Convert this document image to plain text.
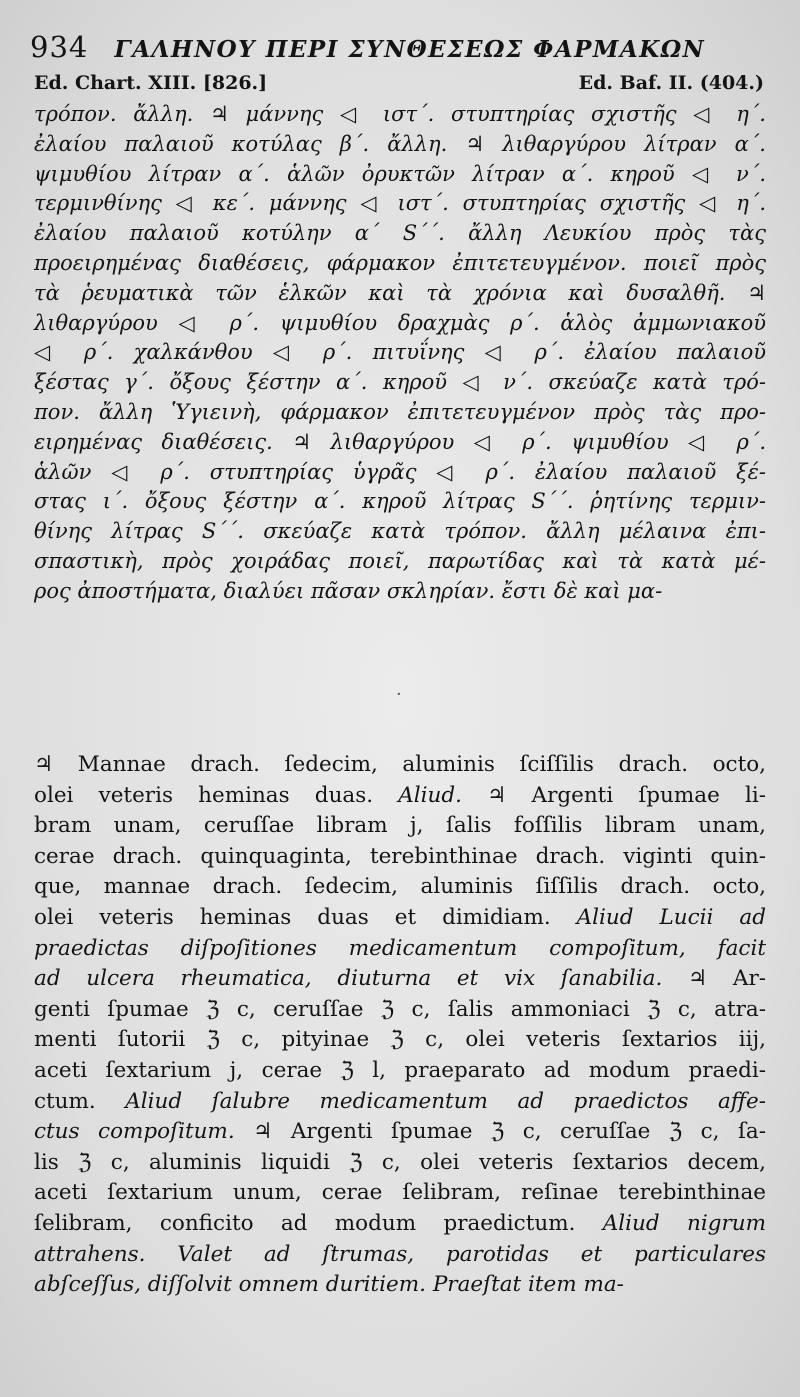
934 ΓΑΛΗΝΟΥ ΠΕΡΙ ΣΥΝΘΕΣΕΩΣ ΦΑΡΜΑΚΩΝ
Ed. Chart. XIII. [826.]	Ed. Baf. II. (404.)
τρόπον. ἄλλη. ♃ μάννης ◁ ιστ΄. στυπτηρίας σχιστῆς ◁ η΄.
ἐλαίου παλαιοῦ κοτύλας β΄. ἄλλη. ♃ λιθαργύρου λίτραν α΄.
ψιμυθίου λίτραν α΄. ἁλῶν ὀρυκτῶν λίτραν α΄. κηροῦ ◁ ν΄.
τερμινθίνης ◁ κε΄. μάννης ◁ ιστ΄. στυπτηρίας σχιστῆς ◁ η΄.
ἐλαίου παλαιοῦ κοτύλην α΄ S΄΄. ἄλλη Λευκίου πρὸς τὰς
προειρημένας διαθέσεις, φάρμακον ἐπιτετευγμένον. ποιεῖ πρὸς
τὰ ῥευματικὰ τῶν ἑλκῶν καὶ τὰ χρόνια καὶ δυσαλθῆ. ♃
λιθαργύρου ◁ ρ΄. ψιμυθίου δραχμὰς ρ΄. ἁλὸς ἀμμωνιακοῦ
◁ ρ΄. χαλκάνθου ◁ ρ΄. πιτυΐνης ◁ ρ΄. ἐλαίου παλαιοῦ
ξέστας γ΄. ὄξους ξέστην α΄. κηροῦ ◁ ν΄. σκεύαζε κατὰ τρό-
πον. ἄλλη Ὑγιεινὴ, φάρμακον ἐπιτετευγμένον πρὸς τὰς προ-
ειρημένας διαθέσεις. ♃ λιθαργύρου ◁ ρ΄. ψιμυθίου ◁ ρ΄.
ἁλῶν ◁ ρ΄. στυπτηρίας ὑγρᾶς ◁ ρ΄. ἐλαίου παλαιοῦ ξέ-
στας ι΄. ὄξους ξέστην α΄. κηροῦ λίτρας S΄΄. ῥητίνης τερμιν-
θίνης λίτρας S΄΄. σκεύαζε κατὰ τρόπον. ἄλλη μέλαινα ἐπι-
σπαστικὴ, πρὸς χοιράδας ποιεῖ, παρωτίδας καὶ τὰ κατὰ μέ-
ρος ἀποστήματα, διαλύει πᾶσαν σκληρίαν. ἔστι δὲ καὶ μα-
·
♃ Mannae drach. ſedecim, aluminis ſciſſilis drach. octo,
olei veteris heminas duas. Aliud. ♃ Argenti ſpumae li-
bram unam, ceruſſae libram j, ſalis foſſilis libram unam,
cerae drach. quinquaginta, terebinthinae drach. viginti quin-
que, mannae drach. ſedecim, aluminis ſiſſilis drach. octo,
olei veteris heminas duas et dimidiam. Aliud Lucii ad
praedictas diſpoſitiones medicamentum compoſitum, facit
ad ulcera rheumatica, diuturna et vix ſanabilia. ♃ Ar-
genti ſpumae ℨ c, ceruſſae ℨ c, ſalis ammoniaci ℨ c, atra-
menti ſutorii ℨ c, pityinae ℨ c, olei veteris ſextarios iij,
aceti ſextarium j, cerae ℨ l, praeparato ad modum praedi-
ctum. Aliud ſalubre medicamentum ad praedictos affe-
ctus compoſitum. ♃ Argenti ſpumae ℨ c, ceruſſae ℨ c, ſa-
lis ℨ c, aluminis liquidi ℨ c, olei veteris ſextarios decem,
aceti ſextarium unum, cerae ſelibram, reſinae terebinthinae
ſelibram, conficito ad modum praedictum. Aliud nigrum
attrahens. Valet ad ſtrumas, parotidas et particulares
abſceſſus, diſſolvit omnem duritiem. Praeſtat item ma-
